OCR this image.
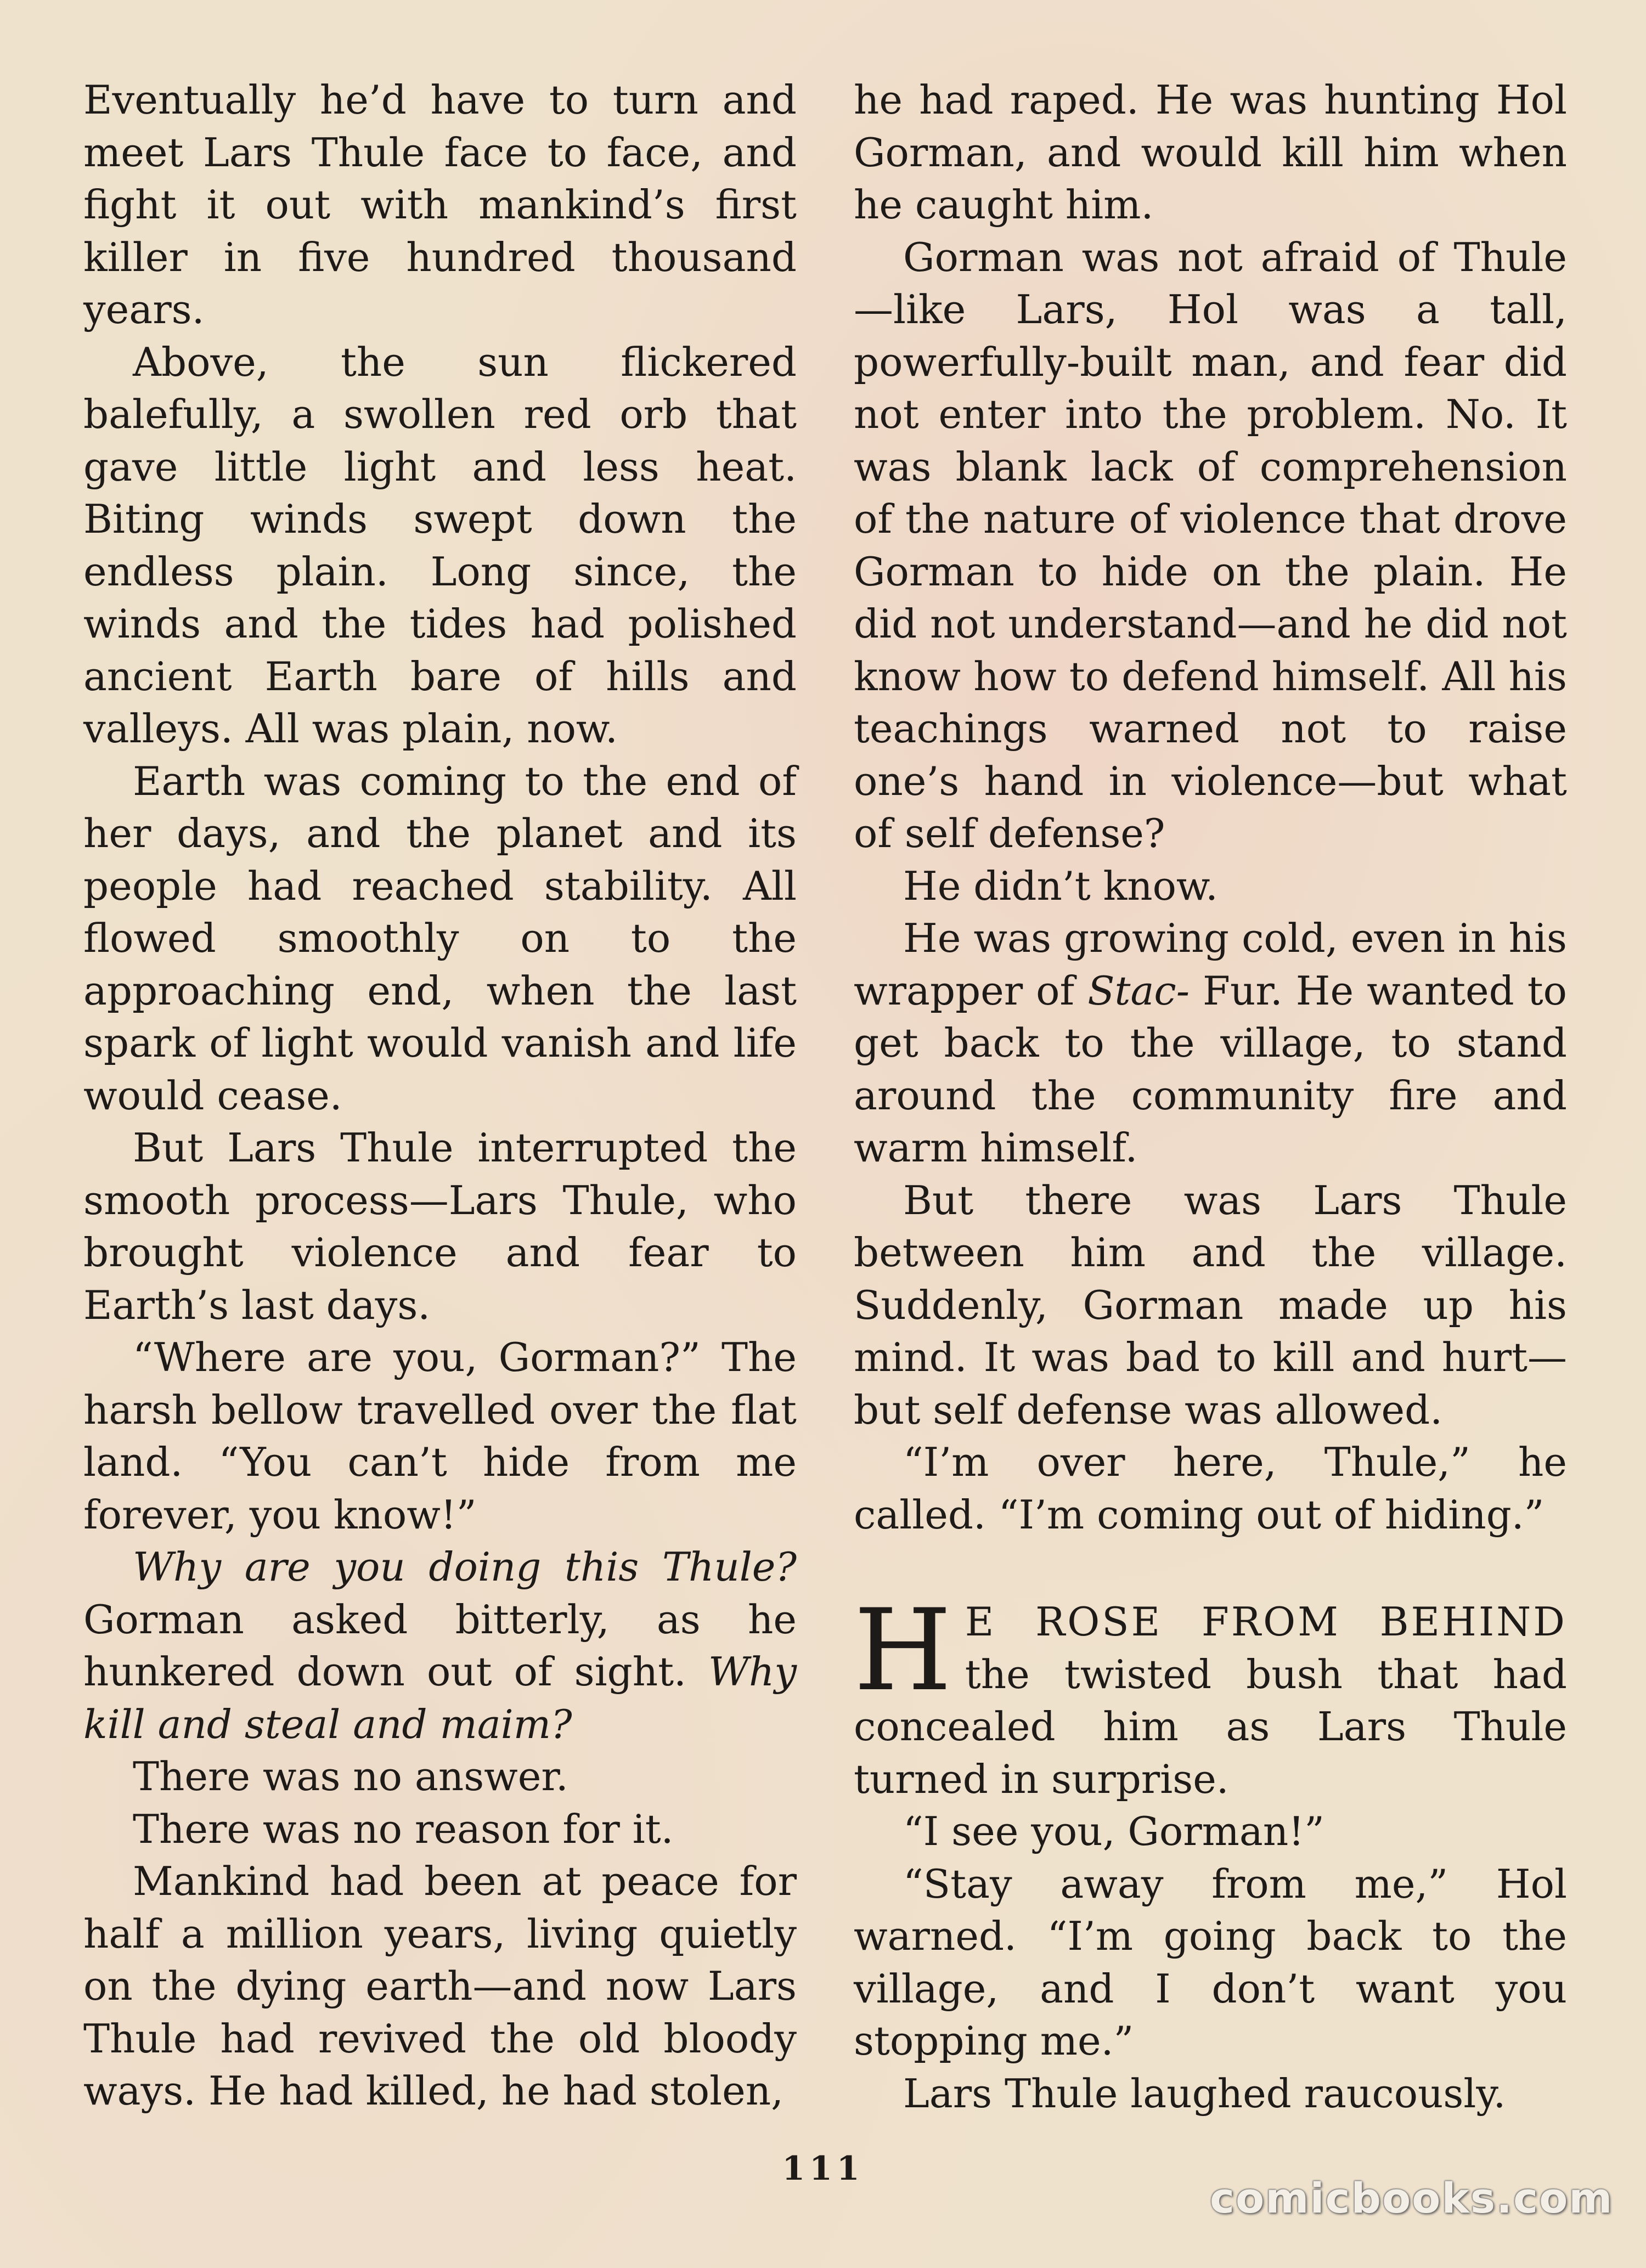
Eventually he’d have to turn and meet Lars Thule face to face, and fight it out with mankind’s first killer in five hundred thousand years.

Above, the sun flickered balefully, a swollen red orb that gave little light and less heat. Biting winds swept down the endless plain. Long since, the winds and the tides had polished ancient Earth bare of hills and valleys. All was plain, now.

Earth was coming to the end of her days, and the planet and its people had reached stability. All flowed smoothly on to the approaching end, when the last spark of light would vanish and life would cease.

But Lars Thule interrupted the smooth process—Lars Thule, who brought violence and fear to Earth’s last days.

“Where are you, Gorman?” The harsh bellow travelled over the flat land. “You can’t hide from me forever, you know!”

Why are you doing this Thule? Gorman asked bitterly, as he hunkered down out of sight. Why kill and steal and maim?

There was no answer.

There was no reason for it.

Mankind had been at peace for half a million years, living quietly on the dying earth—and now Lars Thule had revived the old bloody ways. He had killed, he had stolen,

he had raped. He was hunting Hol Gorman, and would kill him when he caught him.

Gorman was not afraid of Thule —like Lars, Hol was a tall, powerfully-built man, and fear did not enter into the problem. No. It was blank lack of comprehension of the nature of violence that drove Gorman to hide on the plain. He did not understand—and he did not know how to defend himself. All his teachings warned not to raise one’s hand in violence—but what of self defense?

He didn’t know.

He was growing cold, even in his wrapper of Stac- Fur. He wanted to get back to the village, to stand around the community fire and warm himself.

But there was Lars Thule between him and the village. Suddenly, Gorman made up his mind. It was bad to kill and hurt—but self defense was allowed.

“I’m over here, Thule,” he called. “I’m coming out of hiding.”

H E ROSE FROM BEHIND the twisted bush that had concealed him as Lars Thule turned in surprise.

“I see you, Gorman!”

“Stay away from me,” Hol warned. “I’m going back to the village, and I don’t want you stopping me.”

Lars Thule laughed raucously.

111
comicbooks.com
